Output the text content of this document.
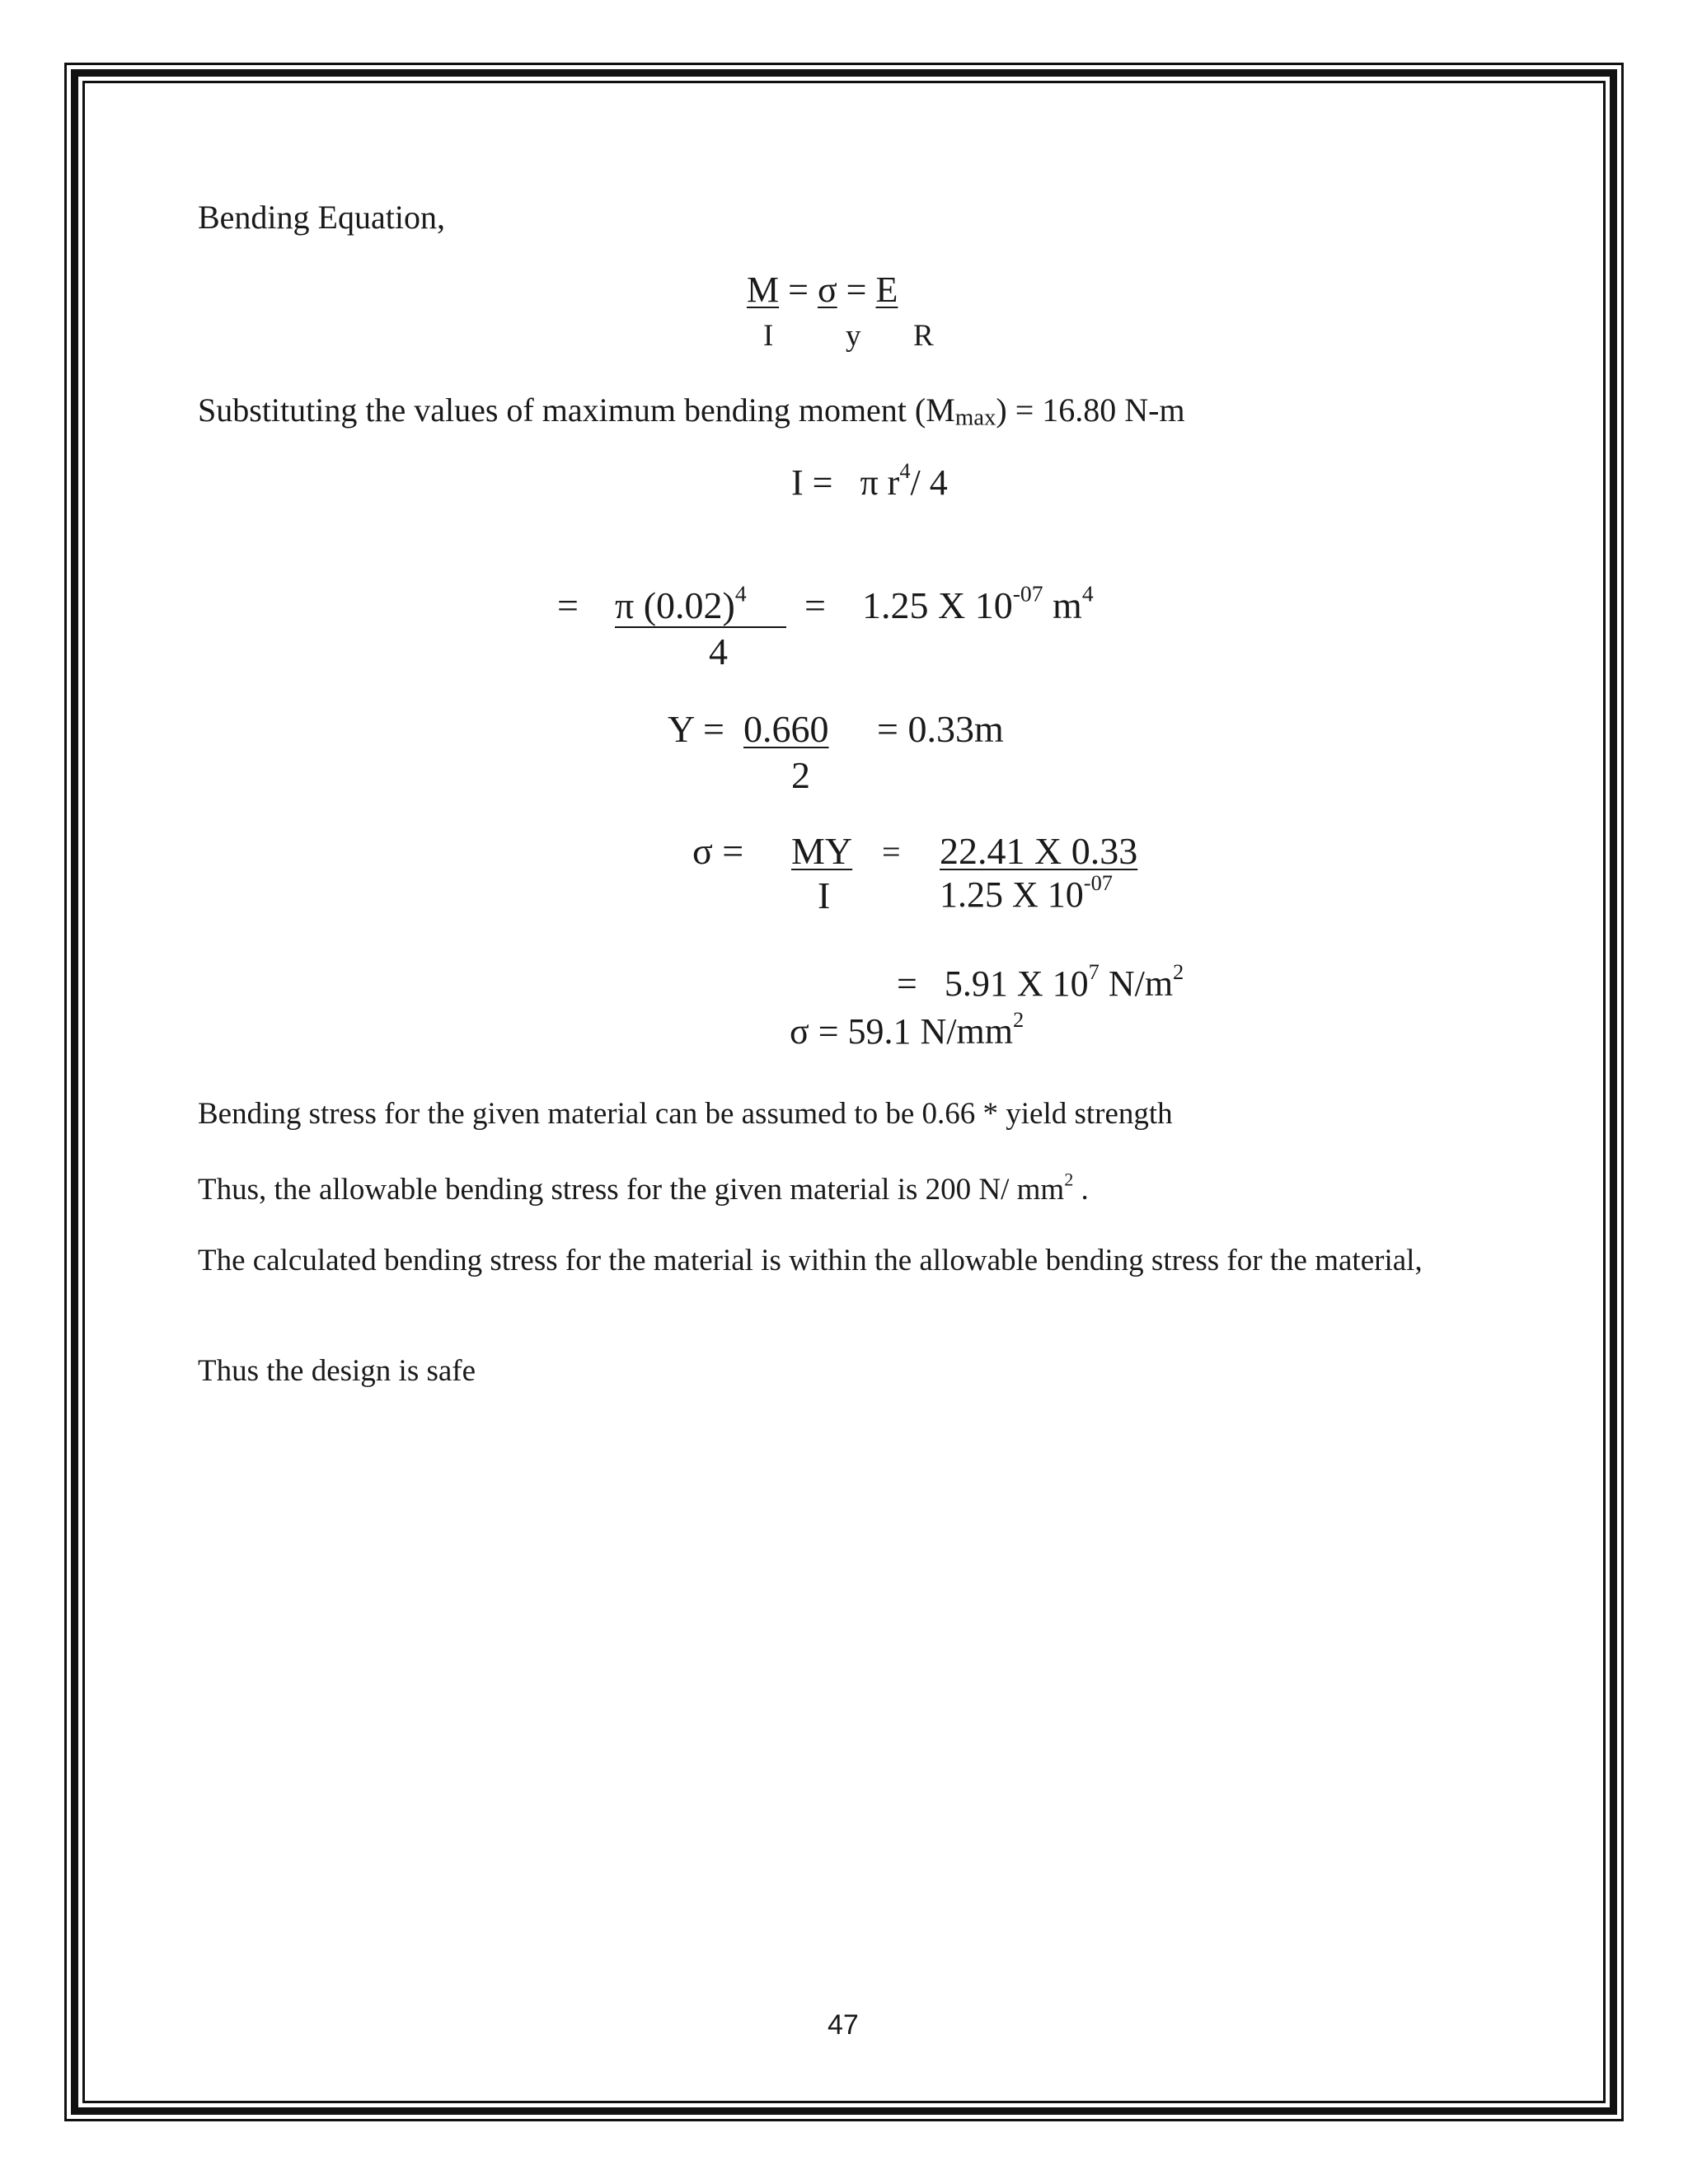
Bending Equation,
M = σ = E
I y R
Substituting the values of maximum bending moment $(M_{max}) = 16.80$ N-m
I = π $r^4/$ 4
= π $(0.02)^4$
4
= 1.25 X $10^{-07}$ $m^4$
Y = 0.660
2
= 0.33m
σ = MY
I
= 22.41 X 0.33
1.25 X $10^{-07}$
= 5.91 X $10^7$ $N/m^2$
σ = 59.1 $N/mm^2$
Bending stress for the given material can be assumed to be 0.66 * yield strength
Thus, the allowable bending stress for the given material is 200 N/ $mm^2$ .
The calculated bending stress for the material is within the allowable bending stress for the material,
Thus the design is safe
47
